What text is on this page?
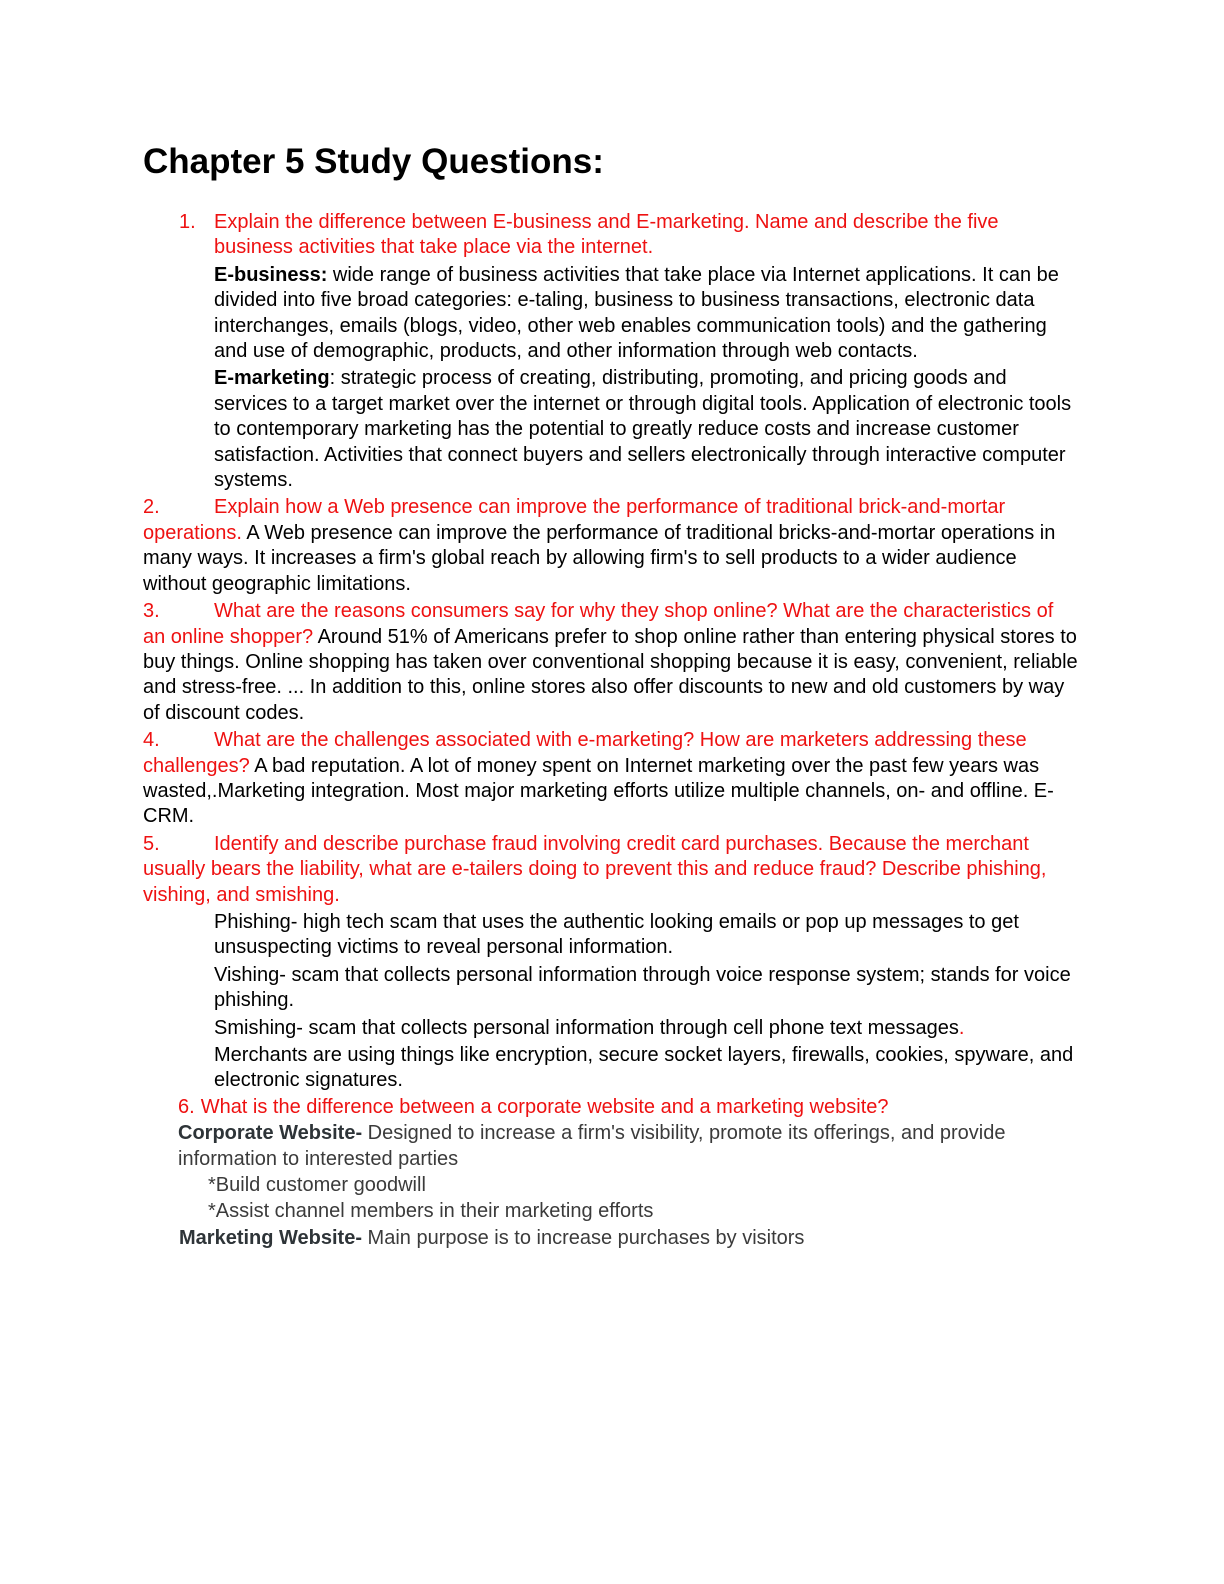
Chapter 5 Study Questions:
1. Explain the difference between E-business and E-marketing. Name and describe the five business activities that take place via the internet.

E-business: wide range of business activities that take place via Internet applications. It can be divided into five broad categories: e-taling, business to business transactions, electronic data interchanges, emails (blogs, video, other web enables communication tools) and the gathering and use of demographic, products, and other information through web contacts.

E-marketing: strategic process of creating, distributing, promoting, and pricing goods and services to a target market over the internet or through digital tools. Application of electronic tools to contemporary marketing has the potential to greatly reduce costs and increase customer satisfaction. Activities that connect buyers and sellers electronically through interactive computer systems.

2.	Explain how a Web presence can improve the performance of traditional brick-and-mortar operations. A Web presence can improve the performance of traditional bricks-and-mortar operations in many ways. It increases a firm's global reach by allowing firm's to sell products to a wider audience without geographic limitations.

3.	What are the reasons consumers say for why they shop online? What are the characteristics of an online shopper? Around 51% of Americans prefer to shop online rather than entering physical stores to buy things. Online shopping has taken over conventional shopping because it is easy, convenient, reliable and stress-free. ... In addition to this, online stores also offer discounts to new and old customers by way of discount codes.

4.	What are the challenges associated with e-marketing? How are marketers addressing these challenges? A bad reputation. A lot of money spent on Internet marketing over the past few years was wasted,.Marketing integration. Most major marketing efforts utilize multiple channels, on- and offline. E-CRM.

5.	Identify and describe purchase fraud involving credit card purchases. Because the merchant usually bears the liability, what are e-tailers doing to prevent this and reduce fraud? Describe phishing, vishing, and smishing.

Phishing- high tech scam that uses the authentic looking emails or pop up messages to get unsuspecting victims to reveal personal information.

Vishing- scam that collects personal information through voice response system; stands for voice phishing.

Smishing- scam that collects personal information through cell phone text messages.

Merchants are using things like encryption, secure socket layers, firewalls, cookies, spyware, and electronic signatures.

6. What is the difference between a corporate website and a marketing website?

Corporate Website- Designed to increase a firm's visibility, promote its offerings, and provide information to interested parties

*Build customer goodwill

*Assist channel members in their marketing efforts

Marketing Website- Main purpose is to increase purchases by visitors
